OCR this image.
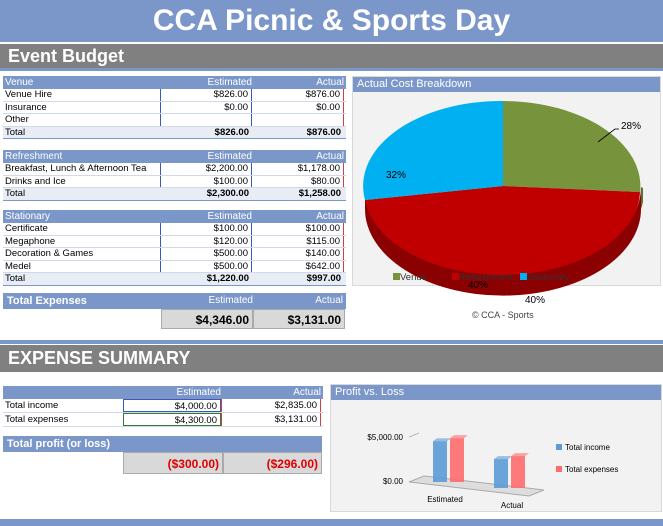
CCA Picnic & Sports Day
Event Budget
Venue	Estimated	Actual
Venue Hire	$826.00	$876.00
Insurance	$0.00	$0.00
Other
Total	$826.00	$876.00
Refreshment	Estimated	Actual
Breakfast, Lunch & Afternoon Tea	$2,200.00	$1,178.00
Drinks and Ice	$100.00	$80.00
Total	$2,300.00	$1,258.00
Stationary	Estimated	Actual
Certificate	$100.00	$100.00
Megaphone	$120.00	$115.00
Decoration & Games	$500.00	$140.00
Medel	$500.00	$642.00
Total	$1,220.00	$997.00
Total Expenses	Estimated	Actual
$4,346.00	$3,131.00
Actual Cost Breakdown
28%
32%
40%
Venue	Refreshment Stationary
40%
© CCA - Sports
EXPENSE SUMMARY
Estimated	Actual
Total income	$4,000.00	$2,835.00
Total expenses	$4,300.00	$3,131.00
Total profit (or loss)
($300.00)	($296.00)
Profit vs. Loss
$0.00
$5,000.00
Estimated
Actual
Total income
Total expenses
